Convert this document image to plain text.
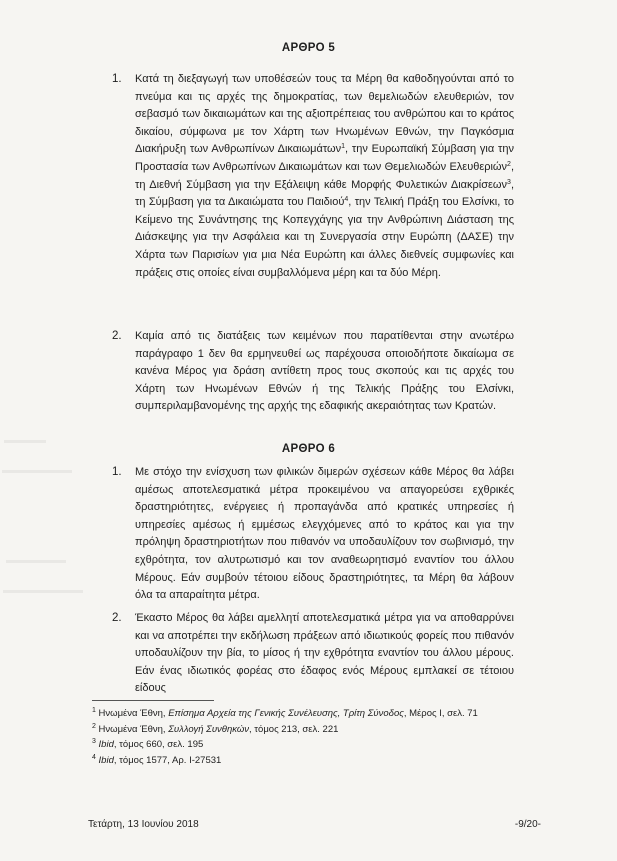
ΑΡΘΡΟ 5
1. Κατά τη διεξαγωγή των υποθέσεών τους τα Μέρη θα καθοδηγούνται από το πνεύμα και τις αρχές της δημοκρατίας, των θεμελιωδών ελευθεριών, τον σεβασμό των δικαιωμάτων και της αξιοπρέπειας του ανθρώπου και το κράτος δικαίου, σύμφωνα με τον Χάρτη των Ηνωμένων Εθνών, την Παγκόσμια Διακήρυξη των Ανθρωπίνων Δικαιωμάτων$^1$, την Ευρωπαϊκή Σύμβαση για την Προστασία των Ανθρωπίνων Δικαιωμάτων και των Θεμελιωδών Ελευθεριών$^2$, τη Διεθνή Σύμβαση για την Εξάλειψη κάθε Μορφής Φυλετικών Διακρίσεων$^3$, τη Σύμβαση για τα Δικαιώματα του Παιδιού$^4$, την Τελική Πράξη του Ελσίνκι, το Κείμενο της Συνάντησης της Κοπεγχάγης για την Ανθρώπινη Διάσταση της Διάσκεψης για την Ασφάλεια και τη Συνεργασία στην Ευρώπη (ΔΑΣΕ) την Χάρτα των Παρισίων για μια Νέα Ευρώπη και άλλες διεθνείς συμφωνίες και πράξεις στις οποίες είναι συμβαλλόμενα μέρη και τα δύο Μέρη.

2. Καμία από τις διατάξεις των κειμένων που παρατίθενται στην ανωτέρω παράγραφο 1 δεν θα ερμηνευθεί ως παρέχουσα οποιοδήποτε δικαίωμα σε κανένα Μέρος για δράση αντίθετη προς τους σκοπούς και τις αρχές του Χάρτη των Ηνωμένων Εθνών ή της Τελικής Πράξης του Ελσίνκι, συμπεριλαμβανομένης της αρχής της εδαφικής ακεραιότητας των Κρατών.

ΑΡΘΡΟ 6
1. Με στόχο την ενίσχυση των φιλικών διμερών σχέσεων κάθε Μέρος θα λάβει αμέσως αποτελεσματικά μέτρα προκειμένου να απαγορεύσει εχθρικές δραστηριότητες, ενέργειες ή προπαγάνδα από κρατικές υπηρεσίες ή υπηρεσίες αμέσως ή εμμέσως ελεγχόμενες από το κράτος και για την πρόληψη δραστηριοτήτων που πιθανόν να υποδαυλίζουν τον σωβινισμό, την εχθρότητα, τον αλυτρωτισμό και τον αναθεωρητισμό εναντίον του άλλου Μέρους. Εάν συμβούν τέτοιου είδους δραστηριότητες, τα Μέρη θα λάβουν όλα τα απαραίτητα μέτρα.

2. Έκαστο Μέρος θα λάβει αμελλητί αποτελεσματικά μέτρα για να αποθαρρύνει και να αποτρέπει την εκδήλωση πράξεων από ιδιωτικούς φορείς που πιθανόν υποδαυλίζουν την βία, το μίσος ή την εχθρότητα εναντίον του άλλου μέρους. Εάν ένας ιδιωτικός φορέας στο έδαφος ενός Μέρους εμπλακεί σε τέτοιου είδους

$^1$ Ηνωμένα Έθνη, Επίσημα Αρχεία της Γενικής Συνέλευσης, Τρίτη Σύνοδος, Μέρος Ι, σελ. 71
$^2$ Ηνωμένα Έθνη, Συλλογή Συνθηκών, τόμος 213, σελ. 221
$^3$ Ibid, τόμος 660, σελ. 195
$^4$ Ibid, τόμος 1577, Αρ. Ι-27531
Τετάρτη, 13 Ιουνίου 2018	-9/20-
